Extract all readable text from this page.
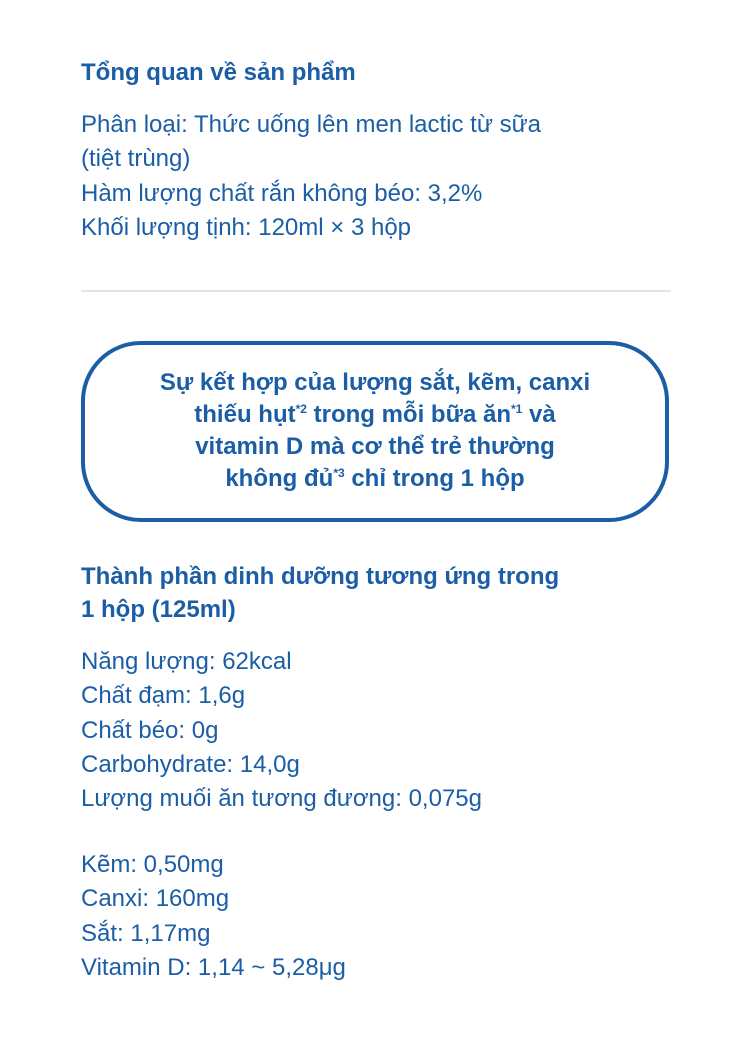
Tổng quan về sản phẩm
Phân loại: Thức uống lên men lactic từ sữa
(tiệt trùng)
Hàm lượng chất rắn không béo: 3,2%
Khối lượng tịnh: 120ml × 3 hộp
Sự kết hợp của lượng sắt, kẽm, canxi
thiếu hụt$^{*2}$ trong mỗi bữa $ăn^{*1}$ và
vitamin D mà cơ thể trẻ thường
không đủ$^{*3}$ chỉ trong 1 hộp
Thành phần dinh dưỡng tương ứng trong
1 hộp (125ml)
Năng lượng: 62kcal
Chất đạm: 1,6g
Chất béo: 0g
Carbohydrate: 14,0g
Lượng muối ăn tương đương: 0,075g
Kẽm: 0,50mg
Canxi: 160mg
Sắt: 1,17mg
Vitamin D: 1,14 ~ 5,28μg
